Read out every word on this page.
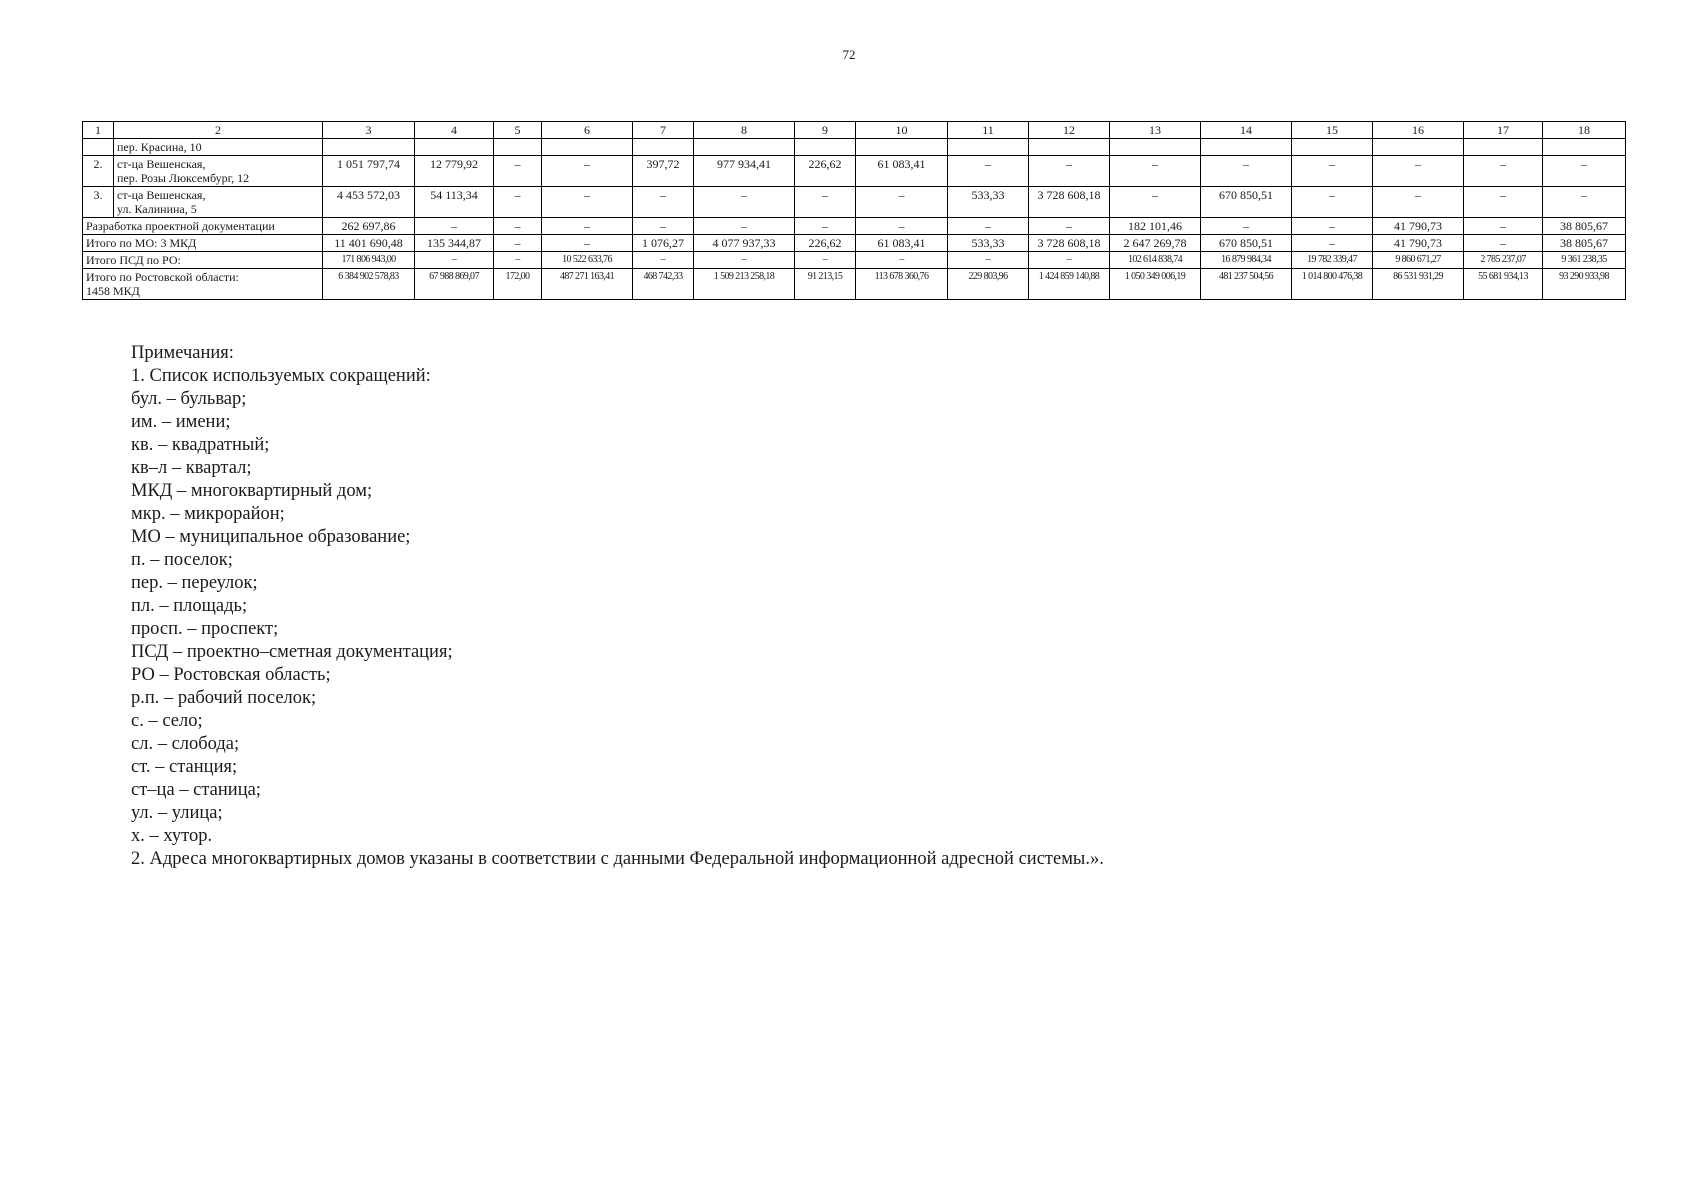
72
1	2	3	4	5	6	7	8	9	10	11	12	13	14	15	16	17	18

	пер. Красина, 10																

2.	ст-ца Вешенская,
пер. Розы Люксембург, 12	1 051 797,74	12 779,92	–	–	397,72	977 934,41	226,62	61 083,41	–	–	–	–	–	–	–	–
3.	ст-ца Вешенская,
ул. Калинина, 5	4 453 572,03	54 113,34	–	–	–	–	–	–	533,33	3 728 608,18	–	670 850,51	–	–	–	–

Разработка проектной документации		262 697,86	–	–	–	–	–	–	–	–	–	182 101,46	–	–	41 790,73	–	38 805,67

Итого по МО: 3 МКД		11 401 690,48	135 344,87	–	–	1 076,27	4 077 937,33	226,62	61 083,41	533,33	3 728 608,18	2 647 269,78	670 850,51	–	41 790,73	–	38 805,67

Итого ПСД по РО:		171 806 943,00	–	–	10 522 633,76	–	–	–	–	–	–	102 614 838,74	16 879 984,34	19 782 339,47	9 860 671,27	2 785 237,07	9 361 238,35

Итого по Ростовской области:
1458 МКД		6 384 902 578,83	67 988 869,07	172,00	487 271 163,41	468 742,33	1 509 213 258,18	91 213,15	113 678 360,76	229 803,96	1 424 859 140,88	1 050 349 006,19	481 237 504,56	1 014 800 476,38	86 531 931,29	55 681 934,13	93 290 933,98
Примечания:
1. Список используемых сокращений:
бул. – бульвар;
им. – имени;
кв. – квадратный;
кв–л – квартал;
МКД – многоквартирный дом;
мкр. – микрорайон;
МО – муниципальное образование;
п. – поселок;
пер. – переулок;
пл. – площадь;
просп. – проспект;
ПСД – проектно–сметная документация;
РО – Ростовская область;
р.п. – рабочий поселок;
с. – село;
сл. – слобода;
ст. – станция;
ст–ца – станица;
ул. – улица;
х. – хутор.
2. Адреса многоквартирных домов указаны в соответствии с данными Федеральной информационной адресной системы.».
